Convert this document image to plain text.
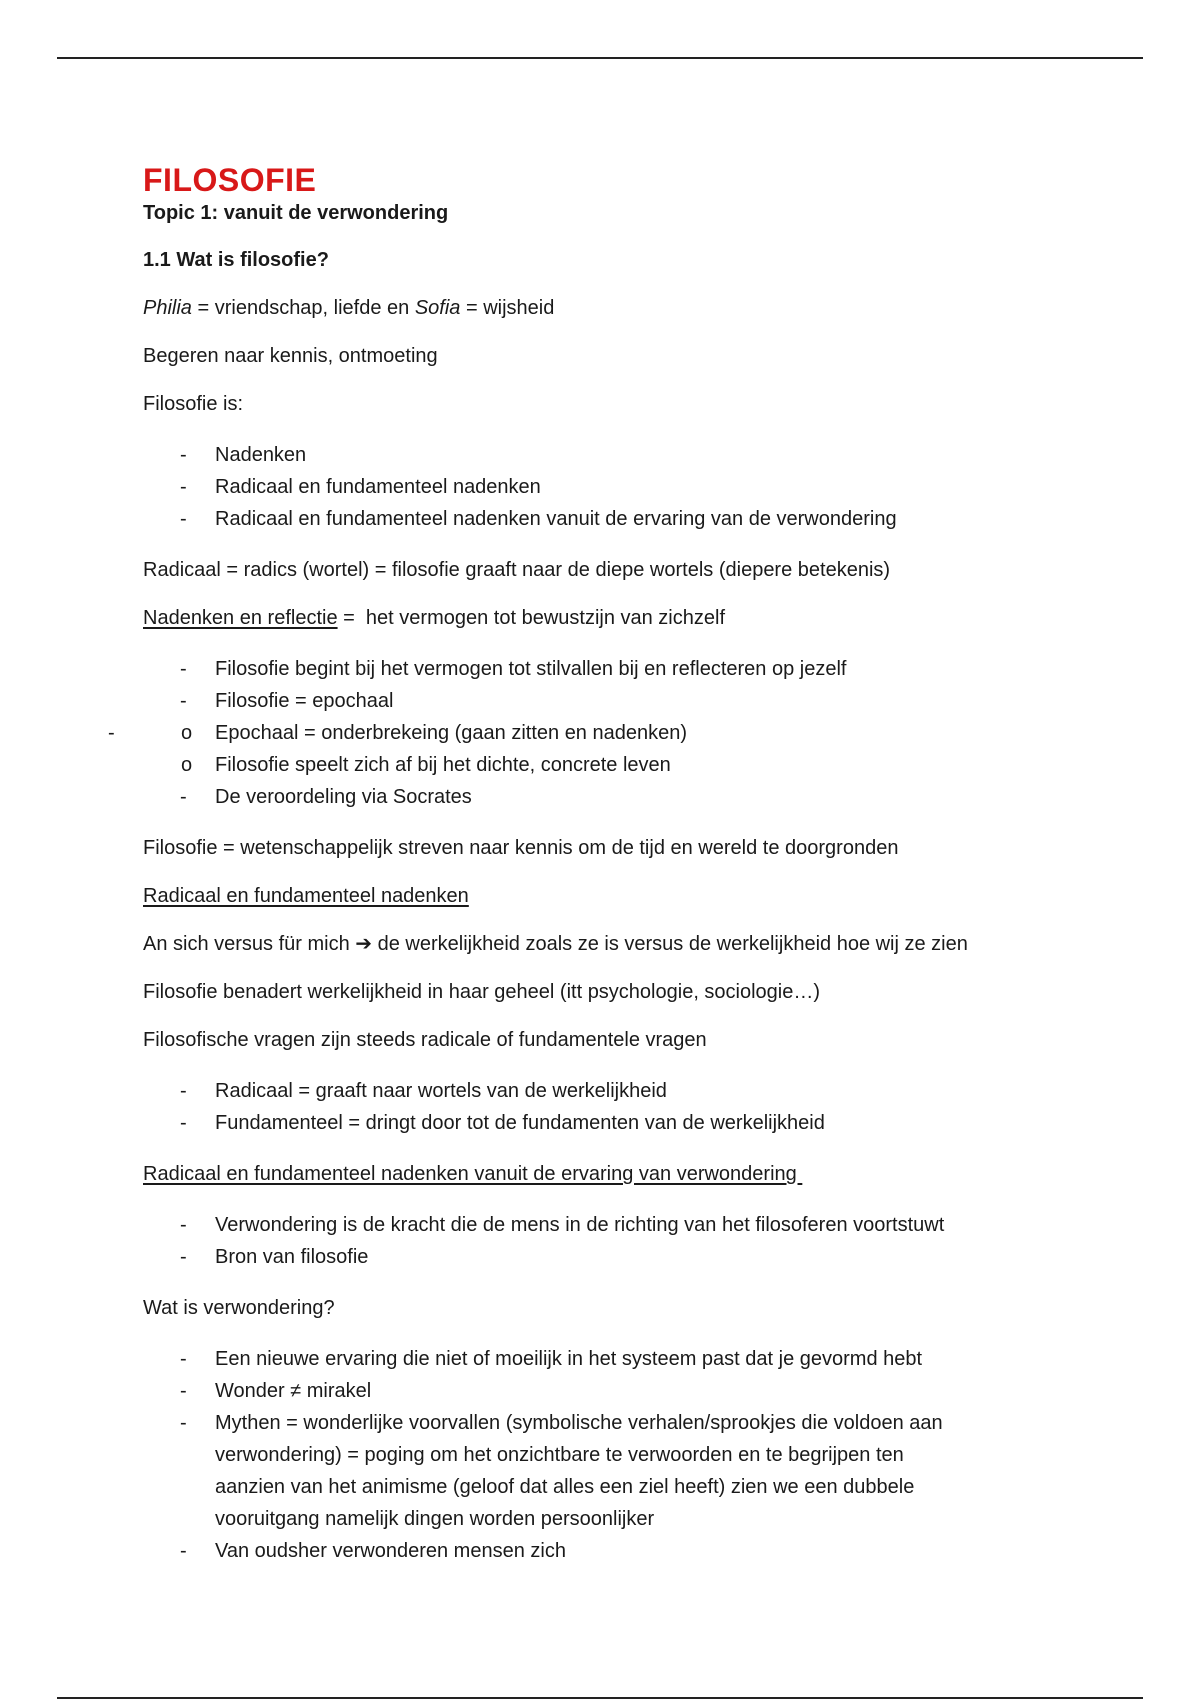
FILOSOFIE
Topic 1: vanuit de verwondering
1.1 Wat is filosofie?

Philia = vriendschap, liefde en Sofia = wijsheid

Begeren naar kennis, ontmoeting

Filosofie is:

- Nadenken
- Radicaal en fundamenteel nadenken
- Radicaal en fundamenteel nadenken vanuit de ervaring van de verwondering

Radicaal = radics (wortel) = filosofie graaft naar de diepe wortels (diepere betekenis)

Nadenken en reflectie =  het vermogen tot bewustzijn van zichzelf

- Filosofie begint bij het vermogen tot stilvallen bij en reflecteren op jezelf
- Filosofie = epochaal
o - Epochaal = onderbrekeing (gaan zitten en nadenken)
o Filosofie speelt zich af bij het dichte, concrete leven
- De veroordeling via Socrates

Filosofie = wetenschappelijk streven naar kennis om de tijd en wereld te doorgronden

Radicaal en fundamenteel nadenken

An sich versus für mich ➔ de werkelijkheid zoals ze is versus de werkelijkheid hoe wij ze zien

Filosofie benadert werkelijkheid in haar geheel (itt psychologie, sociologie…)

Filosofische vragen zijn steeds radicale of fundamentele vragen

- Radicaal = graaft naar wortels van de werkelijkheid
- Fundamenteel = dringt door tot de fundamenten van de werkelijkheid

Radicaal en fundamenteel nadenken vanuit de ervaring van verwondering

- Verwondering is de kracht die de mens in de richting van het filosoferen voortstuwt
- Bron van filosofie

Wat is verwondering?

- Een nieuwe ervaring die niet of moeilijk in het systeem past dat je gevormd hebt
- Wonder ≠ mirakel
- Mythen = wonderlijke voorvallen (symbolische verhalen/sprookjes die voldoen aan
verwondering) = poging om het onzichtbare te verwoorden en te begrijpen ten
aanzien van het animisme (geloof dat alles een ziel heeft) zien we een dubbele
vooruitgang namelijk dingen worden persoonlijker
- Van oudsher verwonderen mensen zich
